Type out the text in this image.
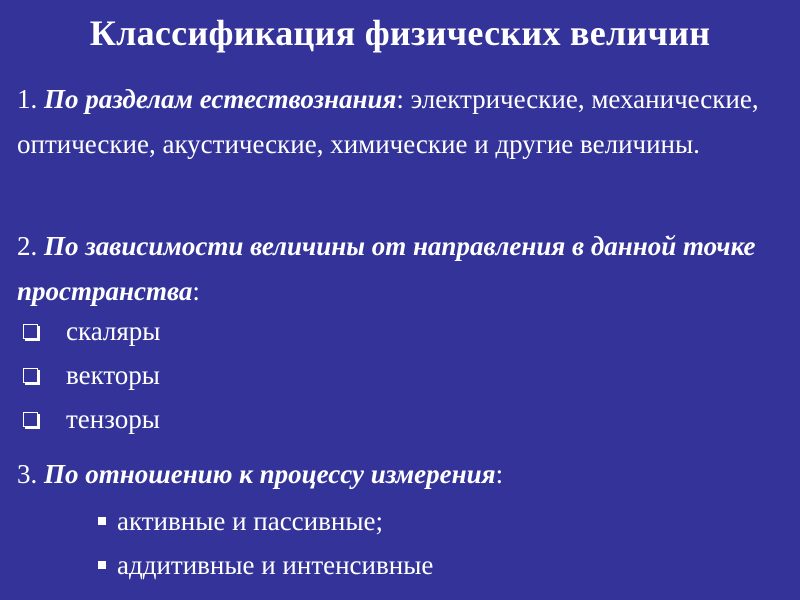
Классификация физических величин
1. По разделам естествознания: электрические, механические, оптические, акустические, химические и другие величины.
2. По зависимости величины от направления в данной точке пространства:
скаляры
векторы
тензоры
3. По отношению к процессу измерения:
активные и пассивные;
аддитивные и интенсивные
